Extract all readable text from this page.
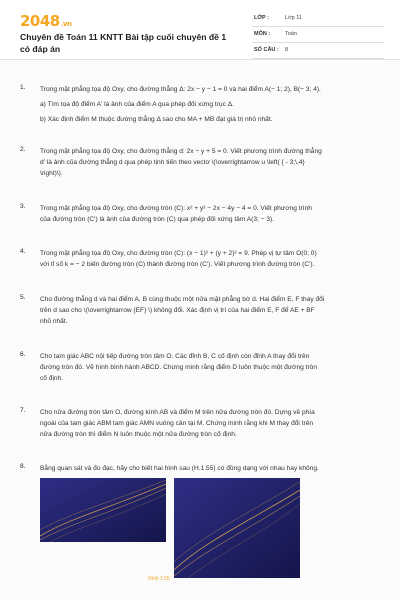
2048.vn
Chuyên đề Toán 11 KNTT Bài tập cuối chuyên đề 1 có đáp án
LỚP :	Lớp 11
MÔN :	Toán
SỐ CÂU : 8
1. Trong mặt phẳng tọa độ Oxy, cho đường thẳng Δ: 2x − y − 1 = 0 và hai điểm A(− 1; 2), B(− 3; 4).
a) Tìm tọa độ điểm A' là ảnh của điểm A qua phép đối xứng trục Δ.
b) Xác định điểm M thuộc đường thẳng Δ sao cho MA + MB đạt giá trị nhỏ nhất.
2. Trong mặt phẳng tọa độ Oxy, cho đường thẳng d: 2x − y + 5 = 0. Viết phương trình đường thẳng
d' là ảnh của đường thẳng d qua phép tịnh tiến theo vectơ \(\overrightarrow u \left( { - 3;\,4}
\right)\).
3. Trong mặt phẳng tọa độ Oxy, cho đường tròn (C): x² + y² − 2x − 4y − 4 = 0. Viết phương trình
của đường tròn (C') là ảnh của đường tròn (C) qua phép đối xứng tâm A(3; − 3).
4. Trong mặt phẳng tọa độ Oxy, cho đường tròn (C): (x − 1)² + (y + 2)² = 9. Phép vị tự tâm O(0; 0)
với tỉ số k = − 2 biến đường tròn (C) thành đường tròn (C'). Viết phương trình đường tròn (C').
5. Cho đường thẳng d và hai điểm A, B cùng thuộc một nửa mặt phẳng bờ d. Hai điểm E, F thay đổi
trên d sao cho \(\overrightarrow {EF} \) không đổi. Xác định vị trí của hai điểm E, F để AE + BF
nhỏ nhất.
6. Cho tam giác ABC nội tiếp đường tròn tâm O. Các đỉnh B, C cố định còn đỉnh A thay đổi trên
đường tròn đó. Vẽ hình bình hành ABCD. Chứng minh rằng điểm D luôn thuộc một đường tròn
cố định.
7. Cho nửa đường tròn tâm O, đường kính AB và điểm M trên nửa đường tròn đó. Dựng về phía
ngoài của tam giác ABM tam giác AMN vuông cân tại M. Chứng minh rằng khi M thay đổi trên
nửa đường tròn thì điểm N luôn thuộc một nửa đường tròn cố định.
8. Bằng quan sát và đo đạc, hãy cho biết hai hình sau (H.1.55) có đồng dạng với nhau hay không.
Hình 1.55
